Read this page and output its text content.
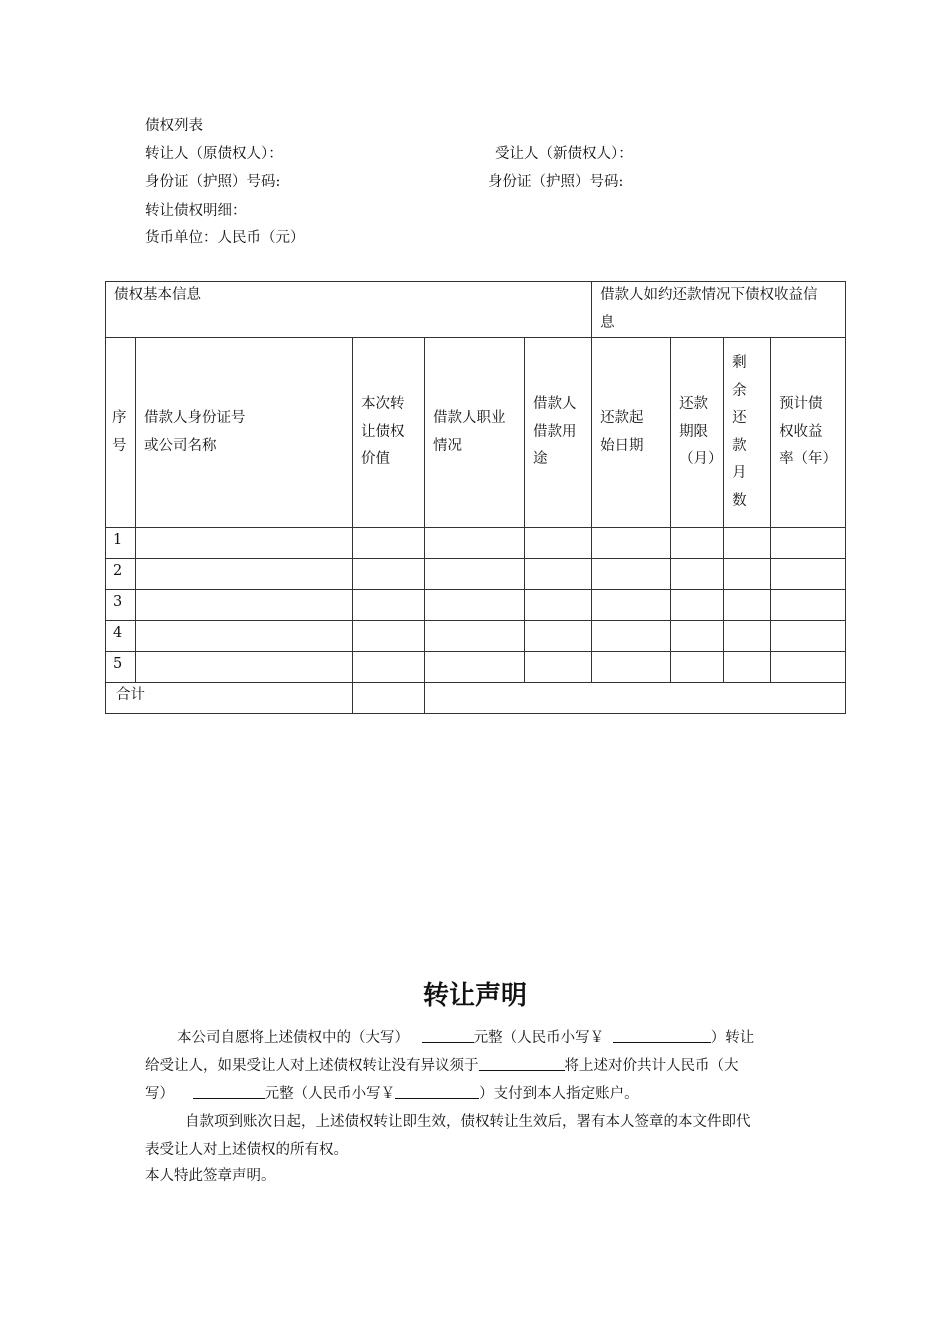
债权列表
转让人（原债权人）：	受让人（新债权人）：
身份证（护照）号码:	身份证（护照）号码:
转让债权明细：
货币单位：人民币（元）
债权基本信息					借款人如约还款情况下债权收益信息			
序号	借款人身份证号或公司名称	本次转让债权价值	借款人职业情况	借款人借款用途	还款起始日期	还款期限（月）	剩余还款月数	预计债权收益率（年）
1								
2								
3								
4								
5								
合计								
转让声明
本公司自愿将上述债权中的（大写）	元整（人民币小写￥	）转让
给受让人，如果受让人对上述债权转让没有异议须于	将上述对价共计人民币（大
写）	元整（人民币小写￥	）支付到本人指定账户。
自款项到账次日起，上述债权转让即生效，债权转让生效后，署有本人签章的本文件即代
表受让人对上述债权的所有权。
本人特此签章声明。
